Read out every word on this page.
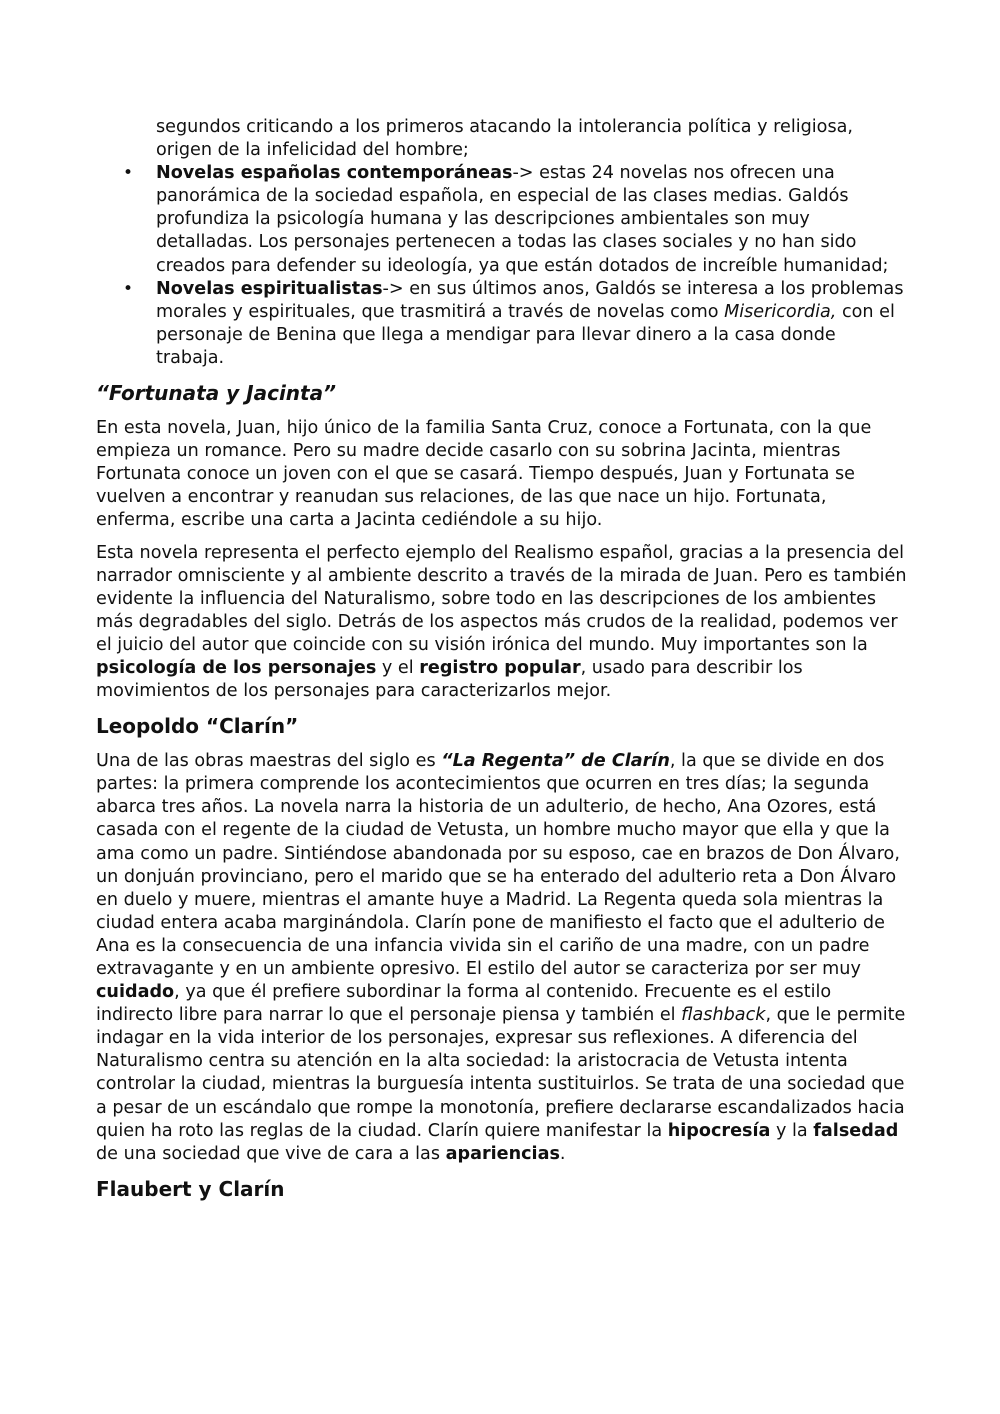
segundos criticando a los primeros atacando la intolerancia política y religiosa, origen de la infelicidad del hombre;
• Novelas españolas contemporáneas-> estas 24 novelas nos ofrecen una panorámica de la sociedad española, en especial de las clases medias. Galdós profundiza la psicología humana y las descripciones ambientales son muy detalladas. Los personajes pertenecen a todas las clases sociales y no han sido creados para defender su ideología, ya que están dotados de increíble humanidad;
• Novelas espiritualistas-> en sus últimos anos, Galdós se interesa a los problemas morales y espirituales, que trasmitirá a través de novelas como Misericordia, con el personaje de Benina que llega a mendigar para llevar dinero a la casa donde trabaja.
“Fortunata y Jacinta”

En esta novela, Juan, hijo único de la familia Santa Cruz, conoce a Fortunata, con la que empieza un romance. Pero su madre decide casarlo con su sobrina Jacinta, mientras Fortunata conoce un joven con el que se casará. Tiempo después, Juan y Fortunata se vuelven a encontrar y reanudan sus relaciones, de las que nace un hijo. Fortunata, enferma, escribe una carta a Jacinta cediéndole a su hijo.

Esta novela representa el perfecto ejemplo del Realismo español, gracias a la presencia del narrador omnisciente y al ambiente descrito a través de la mirada de Juan. Pero es también evidente la influencia del Naturalismo, sobre todo en las descripciones de los ambientes más degradables del siglo. Detrás de los aspectos más crudos de la realidad, podemos ver el juicio del autor que coincide con su visión irónica del mundo. Muy importantes son la psicología de los personajes y el registro popular, usado para describir los movimientos de los personajes para caracterizarlos mejor.

Leopoldo “Clarín”

Una de las obras maestras del siglo es “La Regenta” de Clarín, la que se divide en dos partes: la primera comprende los acontecimientos que ocurren en tres días; la segunda abarca tres años. La novela narra la historia de un adulterio, de hecho, Ana Ozores, está casada con el regente de la ciudad de Vetusta, un hombre mucho mayor que ella y que la ama como un padre. Sintiéndose abandonada por su esposo, cae en brazos de Don Álvaro, un donjuán provinciano, pero el marido que se ha enterado del adulterio reta a Don Álvaro en duelo y muere, mientras el amante huye a Madrid. La Regenta queda sola mientras la ciudad entera acaba marginándola. Clarín pone de manifiesto el facto que el adulterio de Ana es la consecuencia de una infancia vivida sin el cariño de una madre, con un padre extravagante y en un ambiente opresivo. El estilo del autor se caracteriza por ser muy cuidado, ya que él prefiere subordinar la forma al contenido. Frecuente es el estilo indirecto libre para narrar lo que el personaje piensa y también el flashback, que le permite indagar en la vida interior de los personajes, expresar sus reflexiones. A diferencia del Naturalismo centra su atención en la alta sociedad: la aristocracia de Vetusta intenta controlar la ciudad, mientras la burguesía intenta sustituirlos. Se trata de una sociedad que a pesar de un escándalo que rompe la monotonía, prefiere declararse escandalizados hacia quien ha roto las reglas de la ciudad. Clarín quiere manifestar la hipocresía y la falsedad de una sociedad que vive de cara a las apariencias.

Flaubert y Clarín
